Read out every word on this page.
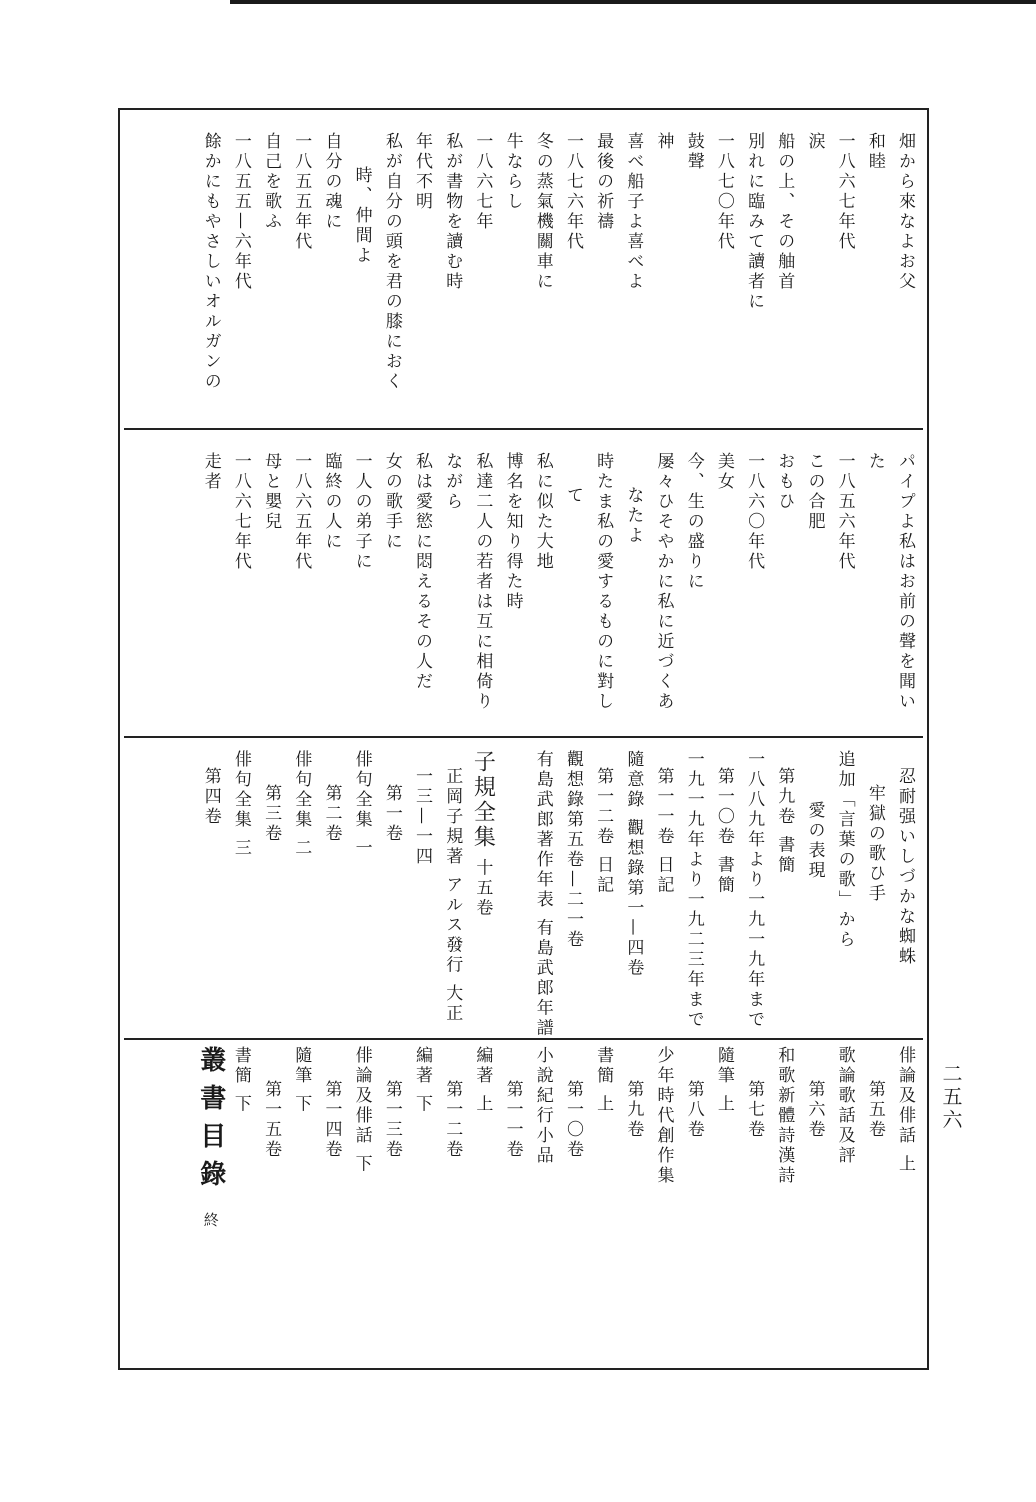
二五六
畑から來なよお父
和睦
一八六七年代
涙
船の上、その舳首
別れに臨みて讀者に
一八七〇年代
鼓聲
神
喜べ船子よ喜べよ
最後の祈禱
一八七六年代
冬の蒸氣機關車に
牛ならし
一八六七年
私が書物を讀む時
年代不明
私が自分の頭を君の膝におく
時、仲間よ
自分の魂に
一八五五年代
自己を歌ふ
一八五五—六年代
餘かにもやさしいオルガンの
パイプよ私はお前の聲を聞い
た
一八五六年代
この合肥
おもひ
一八六〇年代
美女
今、生の盛りに
屡々ひそやかに私に近づくあ
なたよ
時たま私の愛するものに對し
て
私に似た大地
博名を知り得た時
私達二人の若者は互に相倚り
ながら
私は愛慾に悶えるその人だ
女の歌手に
一人の弟子に
臨終の人に
一八六五年代
母と嬰兒
一八六七年代
走者
忍耐强いしづかな蜘蛛
牢獄の歌ひ手
追加「言葉の歌」から
愛の表現
第九卷 書簡
一八八九年より一九一九年まで
第一〇卷 書簡
一九一九年より一九二三年まで
第一一卷 日記
隨意錄 觀想錄第一—四卷
第一二卷 日記
觀想錄第五卷—二一卷
有島武郎著作年表 有島武郎年譜
子規全集 十五卷
正岡子規著 アルス發行 大正
一三—一四
第一卷
俳句全集 一
第二卷
俳句全集 二
第三卷
俳句全集 三
第四卷
俳論及俳話 上
第五卷
歌論歌話及評
第六卷
和歌新體詩漢詩
第七卷
隨筆 上
第八卷
少年時代創作集
第九卷
書簡 上
第一〇卷
小說紀行小品
第一一卷
編著 上
第一二卷
編著 下
第一三卷
俳論及俳話 下
第一四卷
隨筆 下
第一五卷
書簡 下
叢書目錄終
